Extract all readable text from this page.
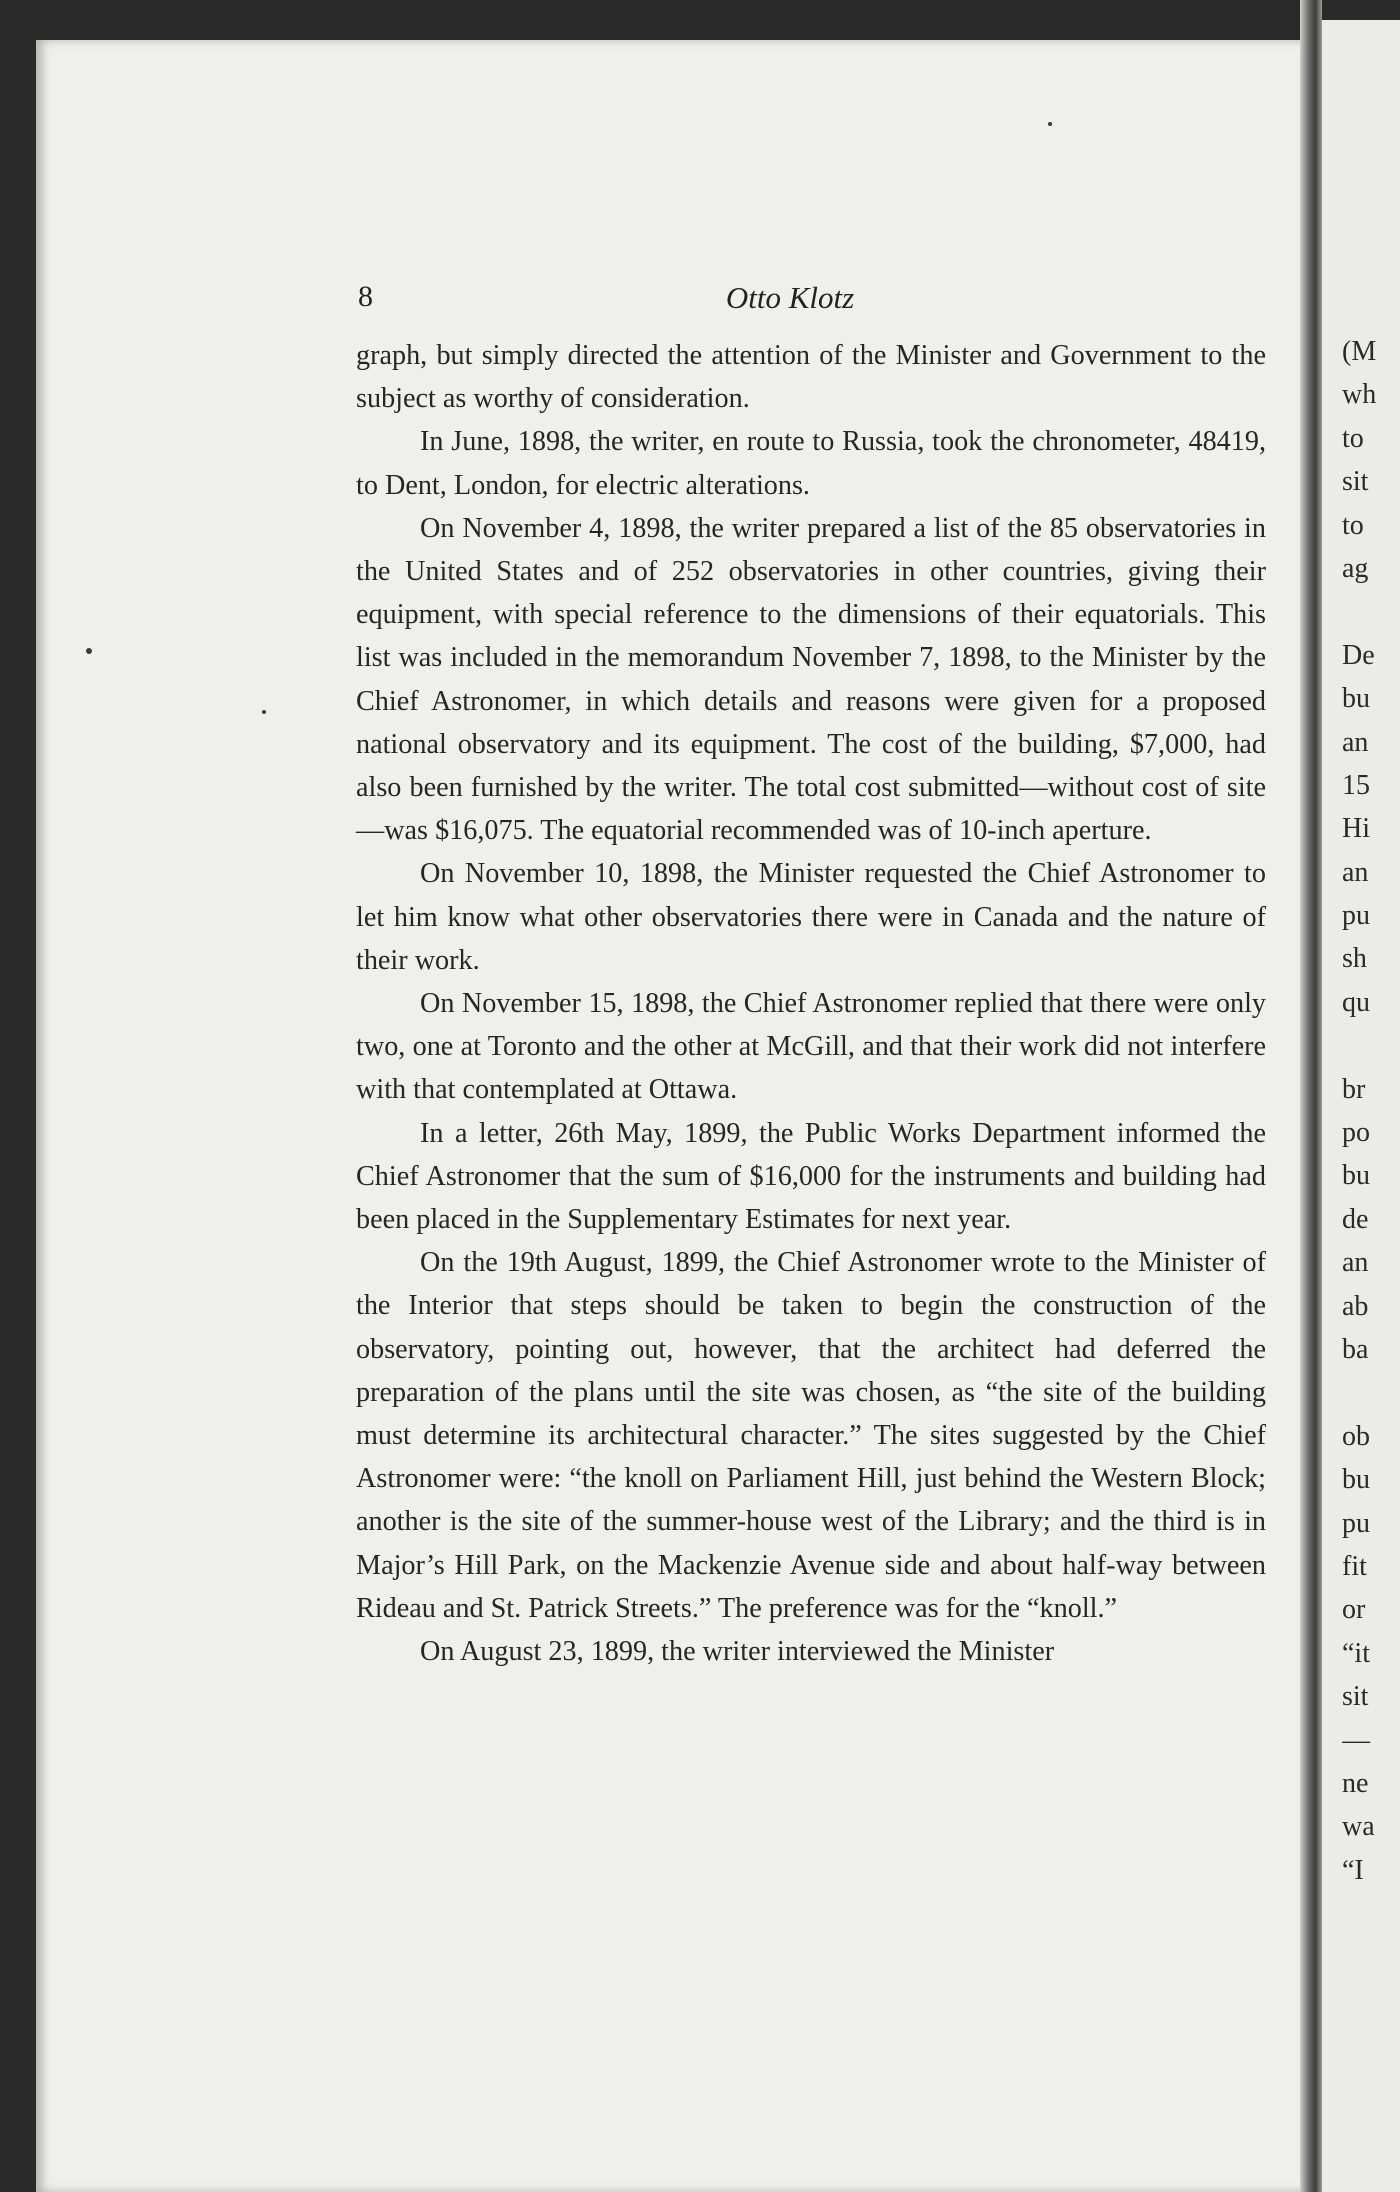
8	Otto Klotz

graph, but simply directed the attention of the Minister and Government to the subject as worthy of consideration.

In June, 1898, the writer, en route to Russia, took the chronometer, 48419, to Dent, London, for electric alterations.

On November 4, 1898, the writer prepared a list of the 85 observatories in the United States and of 252 observatories in other countries, giving their equipment, with special reference to the dimensions of their equatorials. This list was included in the memorandum November 7, 1898, to the Minister by the Chief Astronomer, in which details and reasons were given for a proposed national observatory and its equipment. The cost of the building, $7,000, had also been furnished by the writer. The total cost submitted—without cost of site—was $16,075. The equatorial recommended was of 10-inch aperture.

On November 10, 1898, the Minister requested the Chief Astronomer to let him know what other observatories there were in Canada and the nature of their work.

On November 15, 1898, the Chief Astronomer replied that there were only two, one at Toronto and the other at McGill, and that their work did not interfere with that contemplated at Ottawa.

In a letter, 26th May, 1899, the Public Works Department informed the Chief Astronomer that the sum of $16,000 for the instruments and building had been placed in the Supplementary Estimates for next year.

On the 19th August, 1899, the Chief Astronomer wrote to the Minister of the Interior that steps should be taken to begin the construction of the observatory, pointing out, however, that the architect had deferred the preparation of the plans until the site was chosen, as “the site of the building must determine its architectural character.” The sites suggested by the Chief Astronomer were: “the knoll on Parliament Hill, just behind the Western Block; another is the site of the summer-house west of the Library; and the third is in Major’s Hill Park, on the Mackenzie Avenue side and about half-way between Rideau and St. Patrick Streets.” The preference was for the “knoll.”

On August 23, 1899, the writer interviewed the Minister

(M
wh
to
sit
to
ag
De
bu
an
15
Hi
an
pu
sh
qu
br
po
bu
de
an
ab
ba
ob
bu
pu
fit
or
“it
sit
—
ne
wa
“I
